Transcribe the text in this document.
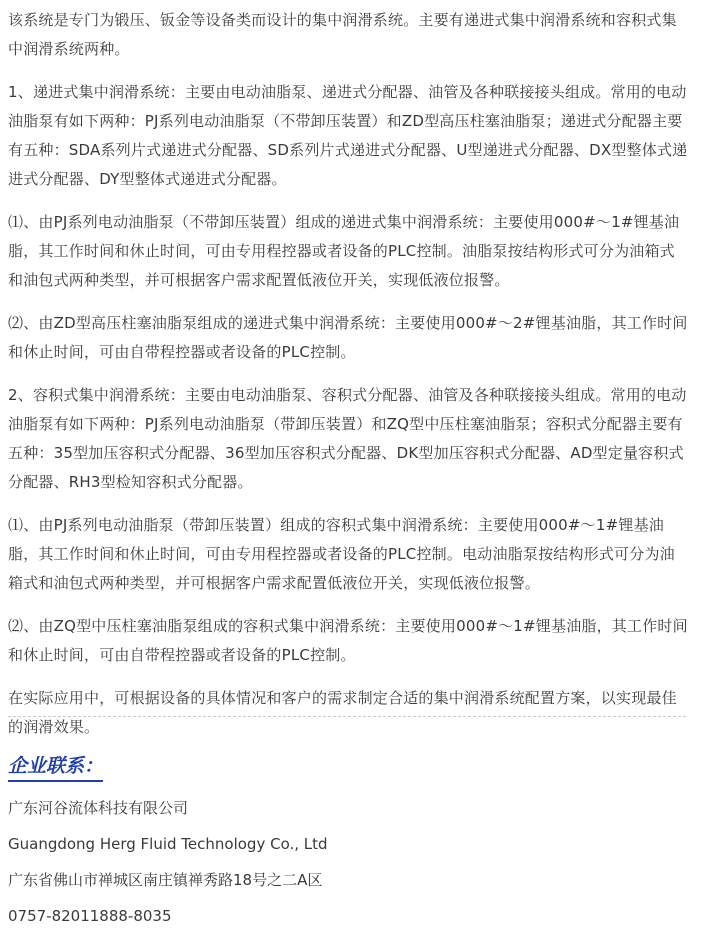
该系统是专门为锻压、钣金等设备类而设计的集中润滑系统。主要有递进式集中润滑系统和容积式集中润滑系统两种。

1、递进式集中润滑系统：主要由电动油脂泵、递进式分配器、油管及各种联接接头组成。常用的电动油脂泵有如下两种：PJ系列电动油脂泵（不带卸压装置）和ZD型高压柱塞油脂泵；递进式分配器主要有五种：SDA系列片式递进式分配器、SD系列片式递进式分配器、U型递进式分配器、DX型整体式递进式分配器、DY型整体式递进式分配器。

⑴、由PJ系列电动油脂泵（不带卸压装置）组成的递进式集中润滑系统：主要使用000#～1#锂基油脂，其工作时间和休止时间，可由专用程控器或者设备的PLC控制。油脂泵按结构形式可分为油箱式和油包式两种类型，并可根据客户需求配置低液位开关，实现低液位报警。

⑵、由ZD型高压柱塞油脂泵组成的递进式集中润滑系统：主要使用000#～2#锂基油脂，其工作时间和休止时间，可由自带程控器或者设备的PLC控制。

2、容积式集中润滑系统：主要由电动油脂泵、容积式分配器、油管及各种联接接头组成。常用的电动油脂泵有如下两种：PJ系列电动油脂泵（带卸压装置）和ZQ型中压柱塞油脂泵；容积式分配器主要有五种：35型加压容积式分配器、36型加压容积式分配器、DK型加压容积式分配器、AD型定量容积式分配器、RH3型检知容积式分配器。

⑴、由PJ系列电动油脂泵（带卸压装置）组成的容积式集中润滑系统：主要使用000#～1#锂基油脂，其工作时间和休止时间，可由专用程控器或者设备的PLC控制。电动油脂泵按结构形式可分为油箱式和油包式两种类型，并可根据客户需求配置低液位开关，实现低液位报警。

⑵、由ZQ型中压柱塞油脂泵组成的容积式集中润滑系统：主要使用000#～1#锂基油脂，其工作时间和休止时间，可由自带程控器或者设备的PLC控制。

在实际应用中，可根据设备的具体情况和客户的需求制定合适的集中润滑系统配置方案，以实现最佳的润滑效果。

企业联系：

广东河谷流体科技有限公司

Guangdong Herg Fluid Technology Co., Ltd

广东省佛山市禅城区南庄镇禅秀路18号之二A区

0757-82011888-8035
